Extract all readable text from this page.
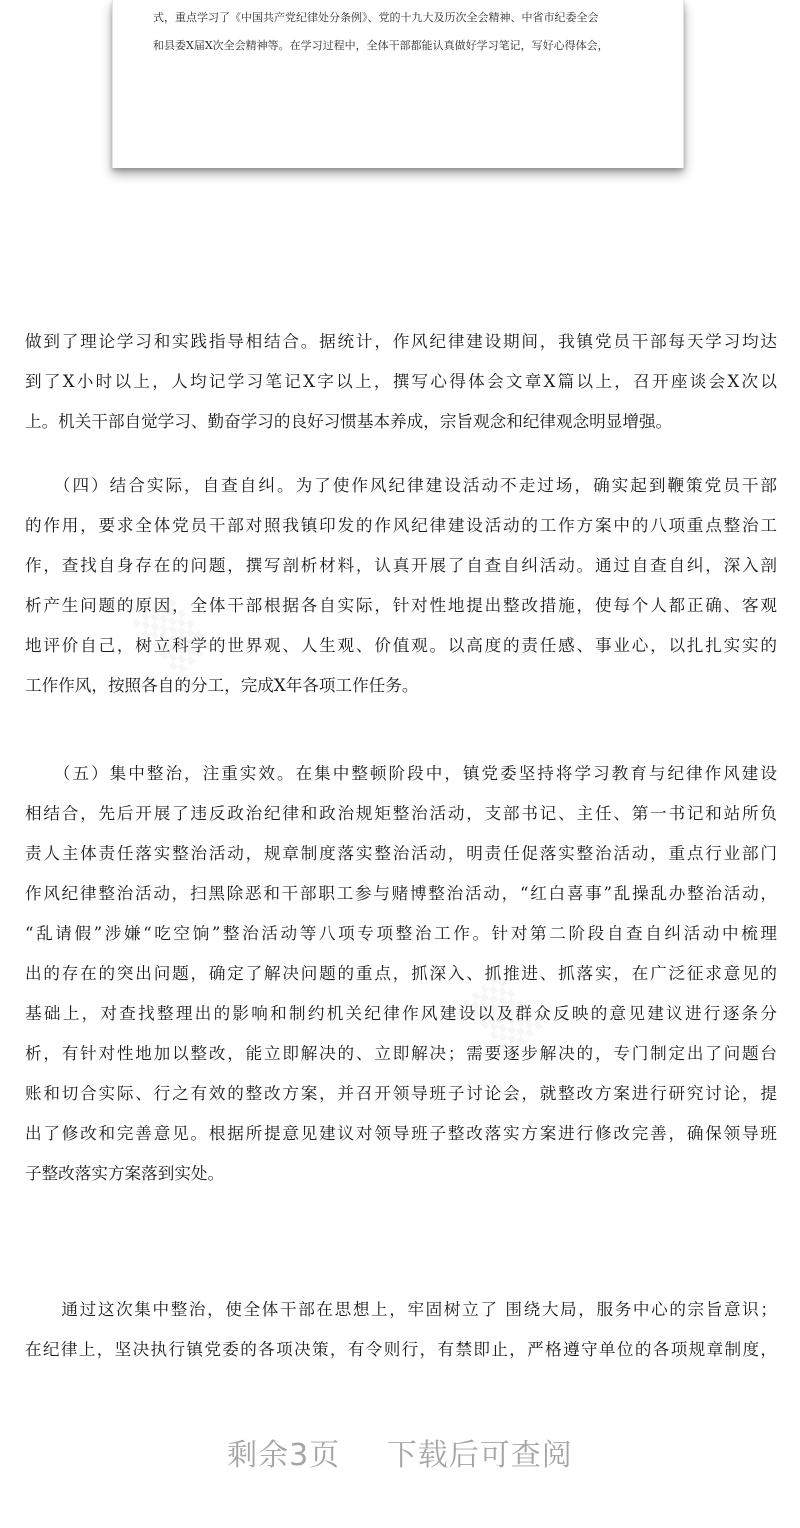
式，重点学习了《中国共产党纪律处分条例》、党的十九大及历次全会精神、中省市纪委全会
和县委X届X次全会精神等。在学习过程中，全体干部都能认真做好学习笔记，写好心得体会，
做到了理论学习和实践指导相结合。据统计，作风纪律建设期间，我镇党员干部每天学习均达
到了X小时以上，人均记学习笔记X字以上，撰写心得体会文章X篇以上，召开座谈会X次以
上。机关干部自觉学习、勤奋学习的良好习惯基本养成，宗旨观念和纪律观念明显增强。
　　（四）结合实际，自查自纠。为了使作风纪律建设活动不走过场，确实起到鞭策党员干部
的作用，要求全体党员干部对照我镇印发的作风纪律建设活动的工作方案中的八项重点整治工
作，查找自身存在的问题，撰写剖析材料，认真开展了自查自纠活动。通过自查自纠，深入剖
析产生问题的原因，全体干部根据各自实际，针对性地提出整改措施，使每个人都正确、客观
地评价自己，树立科学的世界观、人生观、价值观。以高度的责任感、事业心，以扎扎实实的
工作作风，按照各自的分工，完成X年各项工作任务。
　　（五）集中整治，注重实效。在集中整顿阶段中，镇党委坚持将学习教育与纪律作风建设
相结合，先后开展了违反政治纪律和政治规矩整治活动，支部书记、主任、第一书记和站所负
责人主体责任落实整治活动，规章制度落实整治活动，明责任促落实整治活动，重点行业部门
作风纪律整治活动，扫黑除恶和干部职工参与赌博整治活动，“红白喜事”乱操乱办整治活动，
“乱请假”涉嫌“吃空饷”整治活动等八项专项整治工作。针对第二阶段自查自纠活动中梳理
出的存在的突出问题，确定了解决问题的重点，抓深入、抓推进、抓落实，在广泛征求意见的
基础上，对查找整理出的影响和制约机关纪律作风建设以及群众反映的意见建议进行逐条分
析，有针对性地加以整改，能立即解决的、立即解决；需要逐步解决的，专门制定出了问题台
账和切合实际、行之有效的整改方案，并召开领导班子讨论会，就整改方案进行研究讨论，提
出了修改和完善意见。根据所提意见建议对领导班子整改落实方案进行修改完善，确保领导班
子整改落实方案落到实处。
　　通过这次集中整治，使全体干部在思想上，牢固树立了 围绕大局，服务中心的宗旨意识；
在纪律上，坚决执行镇党委的各项决策，有令则行，有禁即止，严格遵守单位的各项规章制度，
剩余3页 下载后可查阅
